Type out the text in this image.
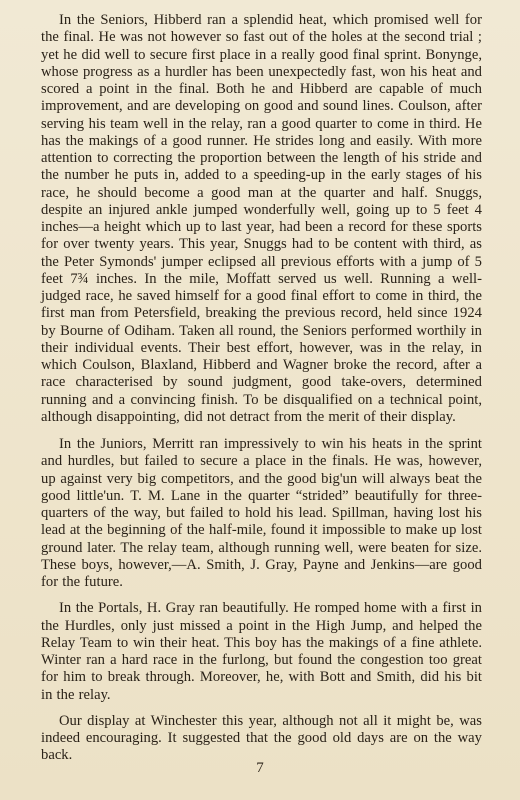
In the Seniors, Hibberd ran a splendid heat, which promised well for the final. He was not however so fast out of the holes at the second trial ; yet he did well to secure first place in a really good final sprint. Bonynge, whose progress as a hurdler has been unexpectedly fast, won his heat and scored a point in the final. Both he and Hibberd are capable of much improvement, and are developing on good and sound lines. Coulson, after serving his team well in the relay, ran a good quarter to come in third. He has the makings of a good runner. He strides long and easily. With more attention to correcting the proportion between the length of his stride and the number he puts in, added to a speeding-up in the early stages of his race, he should become a good man at the quarter and half. Snuggs, despite an injured ankle jumped wonderfully well, going up to 5 feet 4 inches—a height which up to last year, had been a record for these sports for over twenty years. This year, Snuggs had to be content with third, as the Peter Symonds' jumper eclipsed all previous efforts with a jump of 5 feet 7¾ inches. In the mile, Moffatt served us well. Running a well-judged race, he saved himself for a good final effort to come in third, the first man from Petersfield, breaking the previous record, held since 1924 by Bourne of Odiham. Taken all round, the Seniors performed worthily in their individual events. Their best effort, however, was in the relay, in which Coulson, Blaxland, Hibberd and Wagner broke the record, after a race characterised by sound judgment, good take-overs, determined running and a convincing finish. To be disqualified on a technical point, although disappointing, did not detract from the merit of their display.

In the Juniors, Merritt ran impressively to win his heats in the sprint and hurdles, but failed to secure a place in the finals. He was, however, up against very big competitors, and the good big'un will always beat the good little'un. T. M. Lane in the quarter “strided” beautifully for three-quarters of the way, but failed to hold his lead. Spillman, having lost his lead at the beginning of the half-mile, found it impossible to make up lost ground later. The relay team, although running well, were beaten for size. These boys, however,—A. Smith, J. Gray, Payne and Jenkins—are good for the future.

In the Portals, H. Gray ran beautifully. He romped home with a first in the Hurdles, only just missed a point in the High Jump, and helped the Relay Team to win their heat. This boy has the makings of a fine athlete. Winter ran a hard race in the furlong, but found the congestion too great for him to break through. Moreover, he, with Bott and Smith, did his bit in the relay.

Our display at Winchester this year, although not all it might be, was indeed encouraging. It suggested that the good old days are on the way back.

7
